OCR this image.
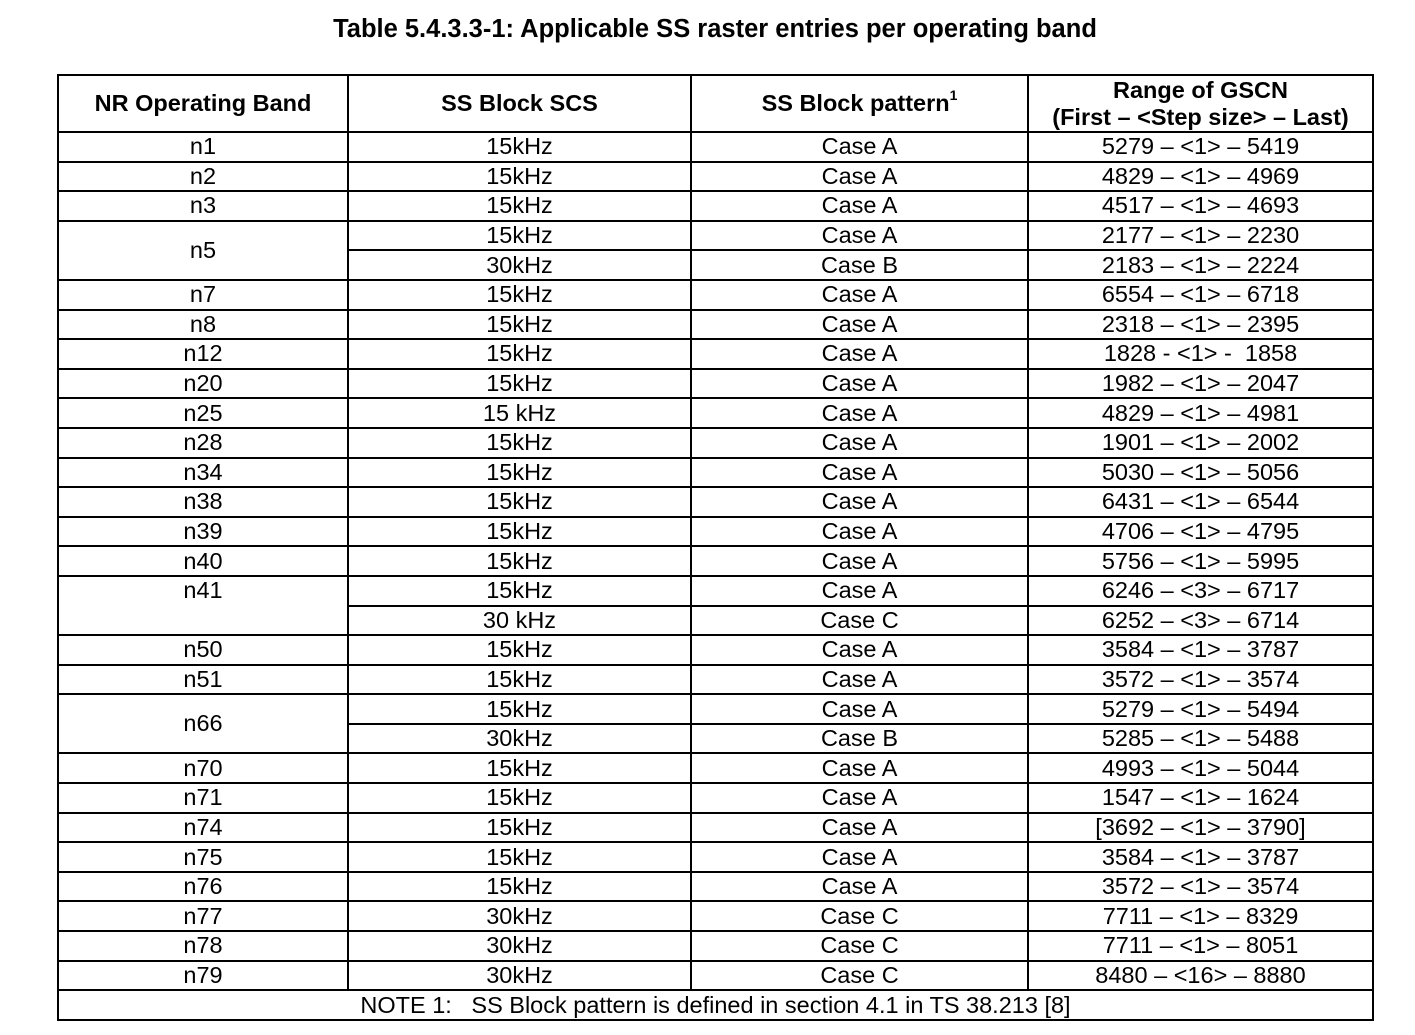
Table 5.4.3.3-1: Applicable SS raster entries per operating band
NR Operating Band	SS Block SCS	SS Block pattern$^1$	Range of GSCN
(First – <Step size> – Last)

n1	15kHz	Case A	5279 – <1> – 5419
n2	15kHz	Case A	4829 – <1> – 4969
n3	15kHz	Case A	4517 – <1> – 4693
n5	15kHz	Case A	2177 – <1> – 2230
	30kHz	Case B	2183 – <1> – 2224
n7	15kHz	Case A	6554 – <1> – 6718
n8	15kHz	Case A	2318 – <1> – 2395
n12	15kHz	Case A	1828 - <1> -  1858
n20	15kHz	Case A	1982 – <1> – 2047
n25	15 kHz	Case A	4829 – <1> – 4981
n28	15kHz	Case A	1901 – <1> – 2002
n34	15kHz	Case A	5030 – <1> – 5056
n38	15kHz	Case A	6431 – <1> – 6544
n39	15kHz	Case A	4706 – <1> – 4795
n40	15kHz	Case A	5756 – <1> – 5995
n41	15kHz	Case A	6246 – <3> – 6717
	30 kHz	Case C	6252 – <3> – 6714
n50	15kHz	Case A	3584 – <1> – 3787
n51	15kHz	Case A	3572 – <1> – 3574
n66	15kHz	Case A	5279 – <1> – 5494
	30kHz	Case B	5285 – <1> – 5488
n70	15kHz	Case A	4993 – <1> – 5044
n71	15kHz	Case A	1547 – <1> – 1624
n74	15kHz	Case A	[3692 – <1> – 3790]
n75	15kHz	Case A	3584 – <1> – 3787
n76	15kHz	Case A	3572 – <1> – 3574
n77	30kHz	Case C	7711 – <1> – 8329
n78	30kHz	Case C	7711 – <1> – 8051
n79	30kHz	Case C	8480 – <16> – 8880
NOTE 1:   SS Block pattern is defined in section 4.1 in TS 38.213 [8]			
